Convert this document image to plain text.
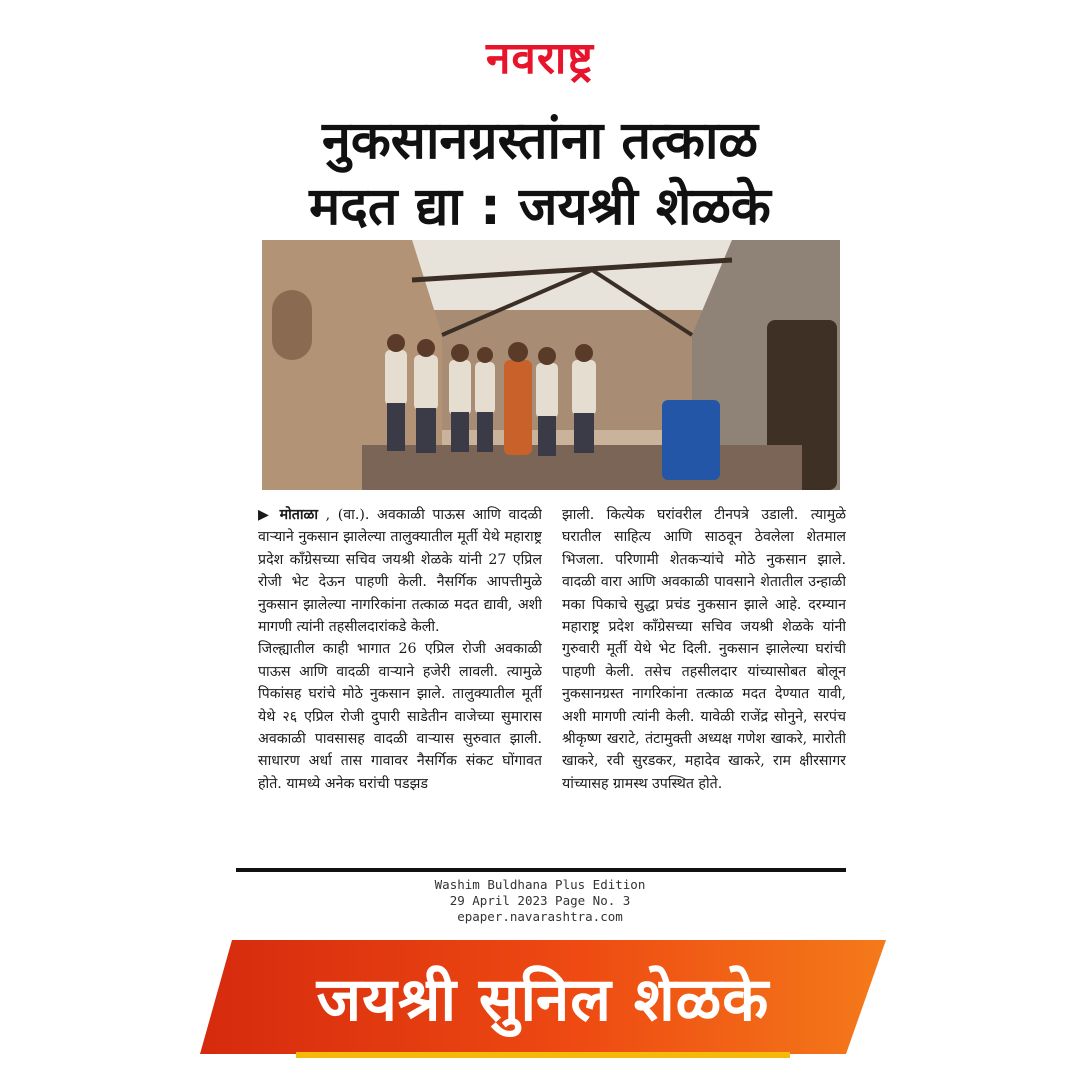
नवराष्ट्र
नुकसानग्रस्तांना तत्काळ
मदत द्या : जयश्री शेळके

▶ मोताळा , (वा.). अवकाळी पाऊस आणि वादळी वाऱ्याने नुकसान झालेल्या तालुक्यातील मूर्ती येथे महाराष्ट्र प्रदेश काँग्रेसच्या सचिव जयश्री शेळके यांनी 27 एप्रिल रोजी भेट देऊन पाहणी केली. नैसर्गिक आपत्तीमुळे नुकसान झालेल्या नागरिकांना तत्काळ मदत द्यावी, अशी मागणी त्यांनी तहसीलदारांकडे केली.

जिल्ह्यातील काही भागात 26 एप्रिल रोजी अवकाळी पाऊस आणि वादळी वाऱ्याने हजेरी लावली. त्यामुळे पिकांसह घरांचे मोठे नुकसान झाले. तालुक्यातील मूर्ती येथे २६ एप्रिल रोजी दुपारी साडेतीन वाजेच्या सुमारास अवकाळी पावसासह वादळी वाऱ्यास सुरुवात झाली. साधारण अर्धा तास गावावर नैसर्गिक संकट घोंगावत होते. यामध्ये अनेक घरांची पडझड

झाली. कित्येक घरांवरील टीनपत्रे उडाली. त्यामुळे घरातील साहित्य आणि साठवून ठेवलेला शेतमाल भिजला. परिणामी शेतकऱ्यांचे मोठे नुकसान झाले. वादळी वारा आणि अवकाळी पावसाने शेतातील उन्हाळी मका पिकाचे सुद्धा प्रचंड नुकसान झाले आहे. दरम्यान महाराष्ट्र प्रदेश काँग्रेसच्या सचिव जयश्री शेळके यांनी गुरुवारी मूर्ती येथे भेट दिली. नुकसान झालेल्या घरांची पाहणी केली. तसेच तहसीलदार यांच्यासोबत बोलून नुकसानग्रस्त नागरिकांना तत्काळ मदत देण्यात यावी, अशी मागणी त्यांनी केली. यावेळी राजेंद्र सोनुने, सरपंच श्रीकृष्ण खराटे, तंटामुक्ती अध्यक्ष गणेश खाकरे, मारोती खाकरे, रवी सुरडकर, महादेव खाकरे, राम क्षीरसागर यांच्यासह ग्रामस्थ उपस्थित होते.

Washim Buldhana Plus Edition
29 April 2023 Page No. 3
epaper.navarashtra.com
जयश्री सुनिल शेळके
